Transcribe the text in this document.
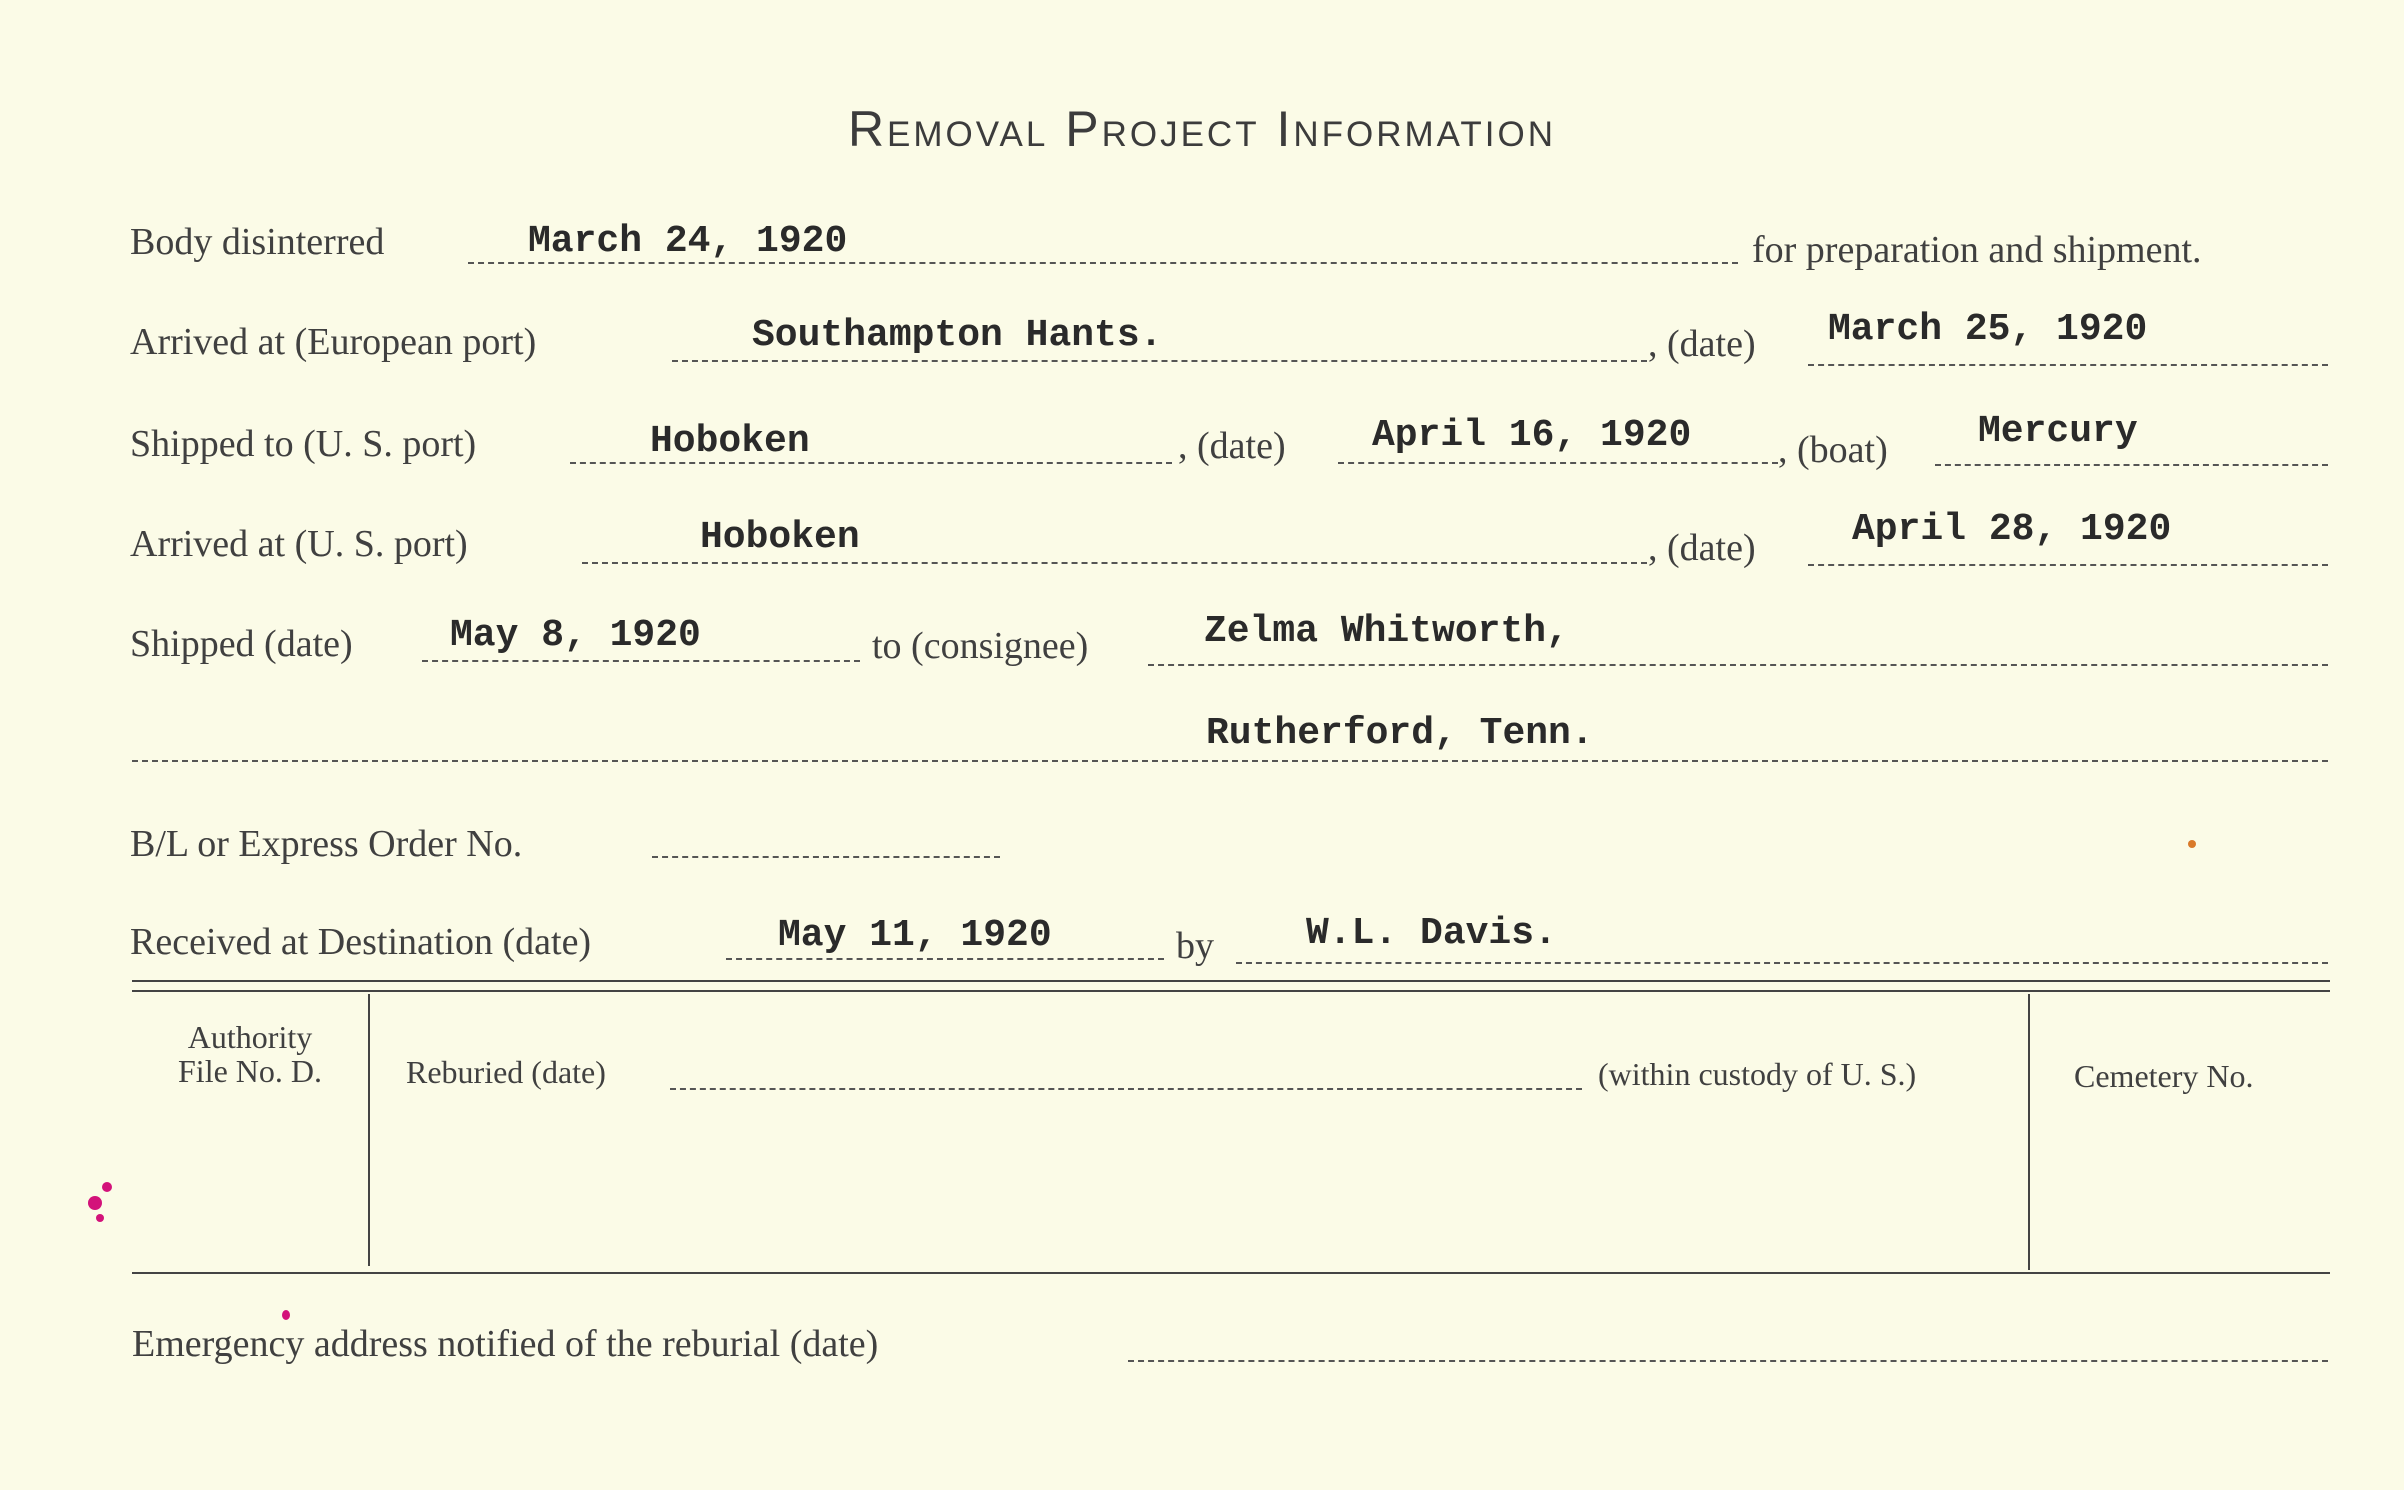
Removal Project Information
Body disinterred	March 24, 1920	for preparation and shipment.
Arrived at (European port)	Southampton Hants.	, (date) March 25, 1920
Shipped to (U. S. port)	Hoboken	, (date) April 16, 1920 , (boat) Mercury
Arrived at (U. S. port)	Hoboken	, (date)	April 28, 1920
Shipped (date)	May 8, 1920	to (consignee)	Zelma Whitworth,
Rutherford, Tenn.
B/L or Express Order No.
Received at Destination (date)	May 11, 1920	by W.L. Davis.
Authority
File No. D.	Reburied (date)	(within custody of U. S.)	Cemetery No.
Emergency address notified of the reburial (date)
